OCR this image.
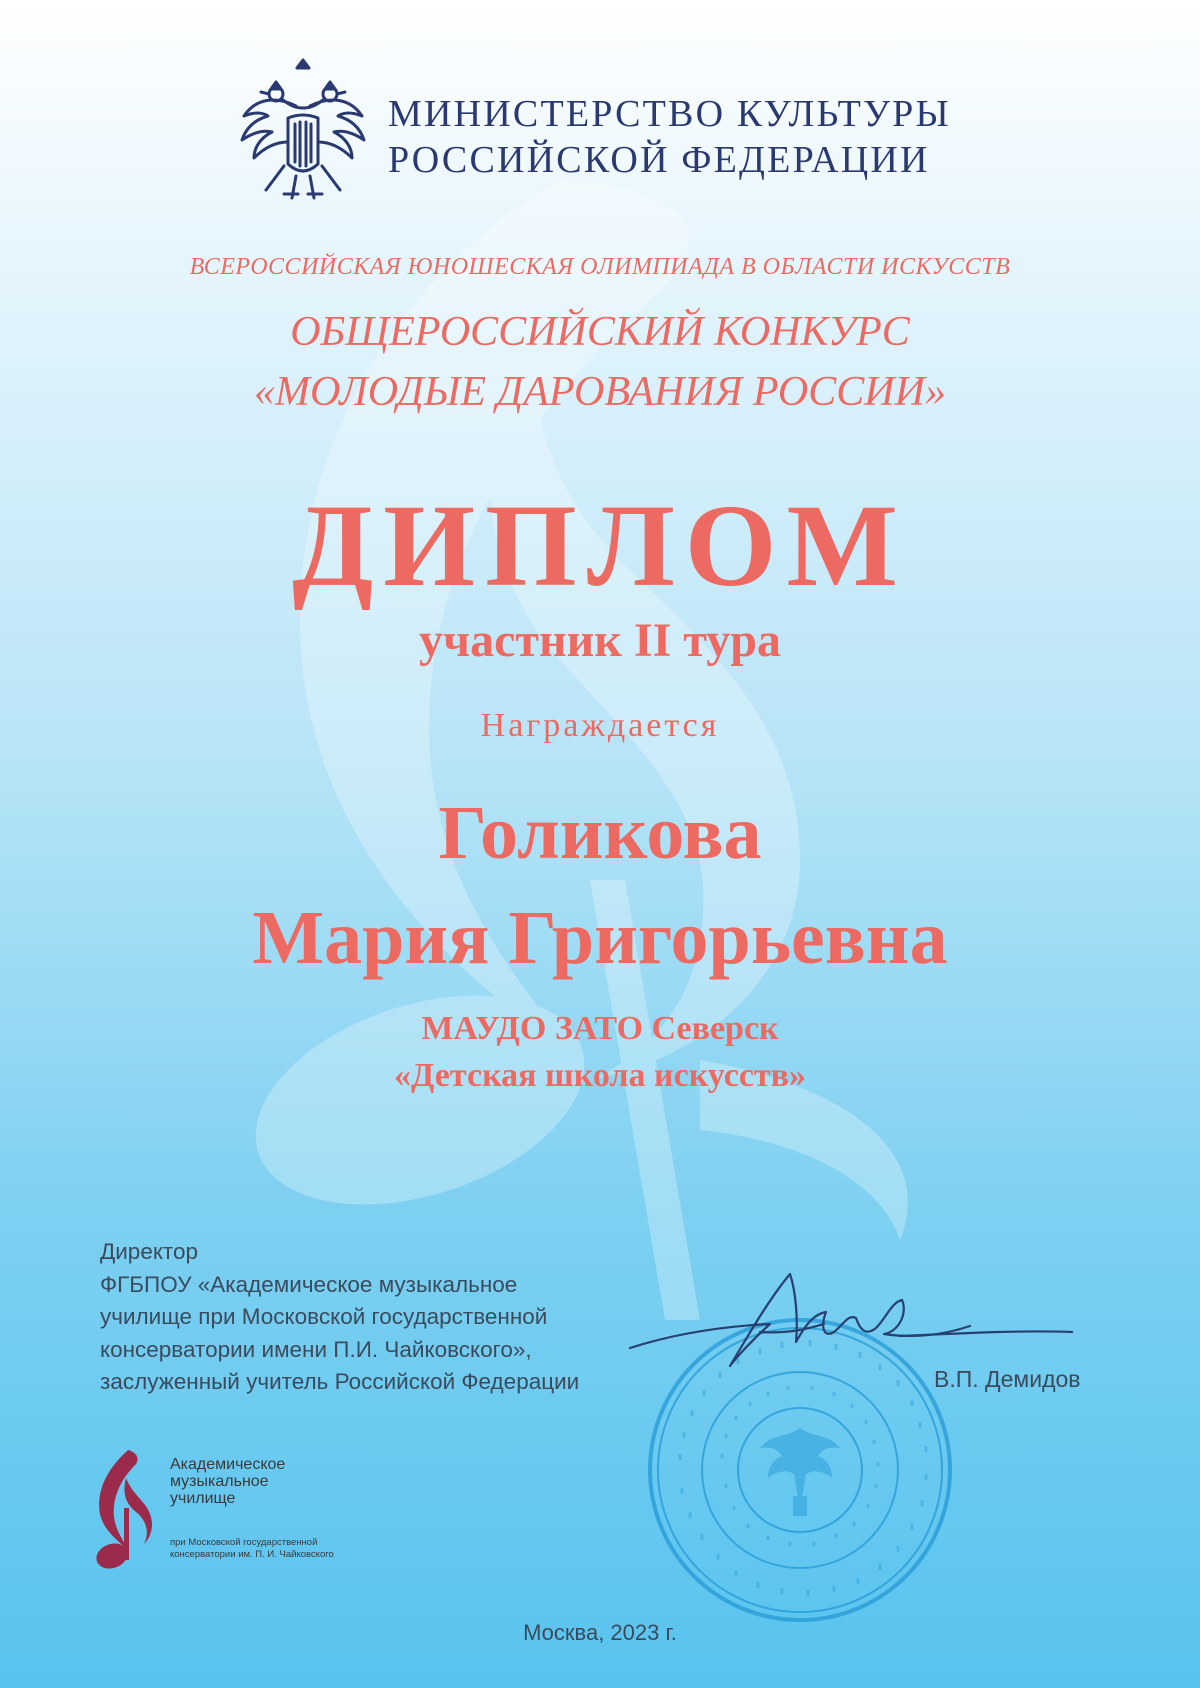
МИНИСТЕРСТВО КУЛЬТУРЫ
РОССИЙСКОЙ ФЕДЕРАЦИИ
ВСЕРОССИЙСКАЯ ЮНОШЕСКАЯ ОЛИМПИАДА В ОБЛАСТИ ИСКУССТВ
ОБЩЕРОССИЙСКИЙ КОНКУРС
«МОЛОДЫЕ ДАРОВАНИЯ РОССИИ»
ДИПЛОМ
участник II тура
Награждается
Голикова
Мария Григорьевна
МАУДО ЗАТО Северск
«Детская школа искусств»
Директор
ФГБПОУ «Академическое музыкальное
училище при Московской государственной
консерватории имени П.И. Чайковского»,
заслуженный учитель Российской Федерации	В.П. Демидов
Академическое
музыкальное
училище
при Московской государственной
консерватории им. П. И. Чайковского
Москва, 2023 г.
